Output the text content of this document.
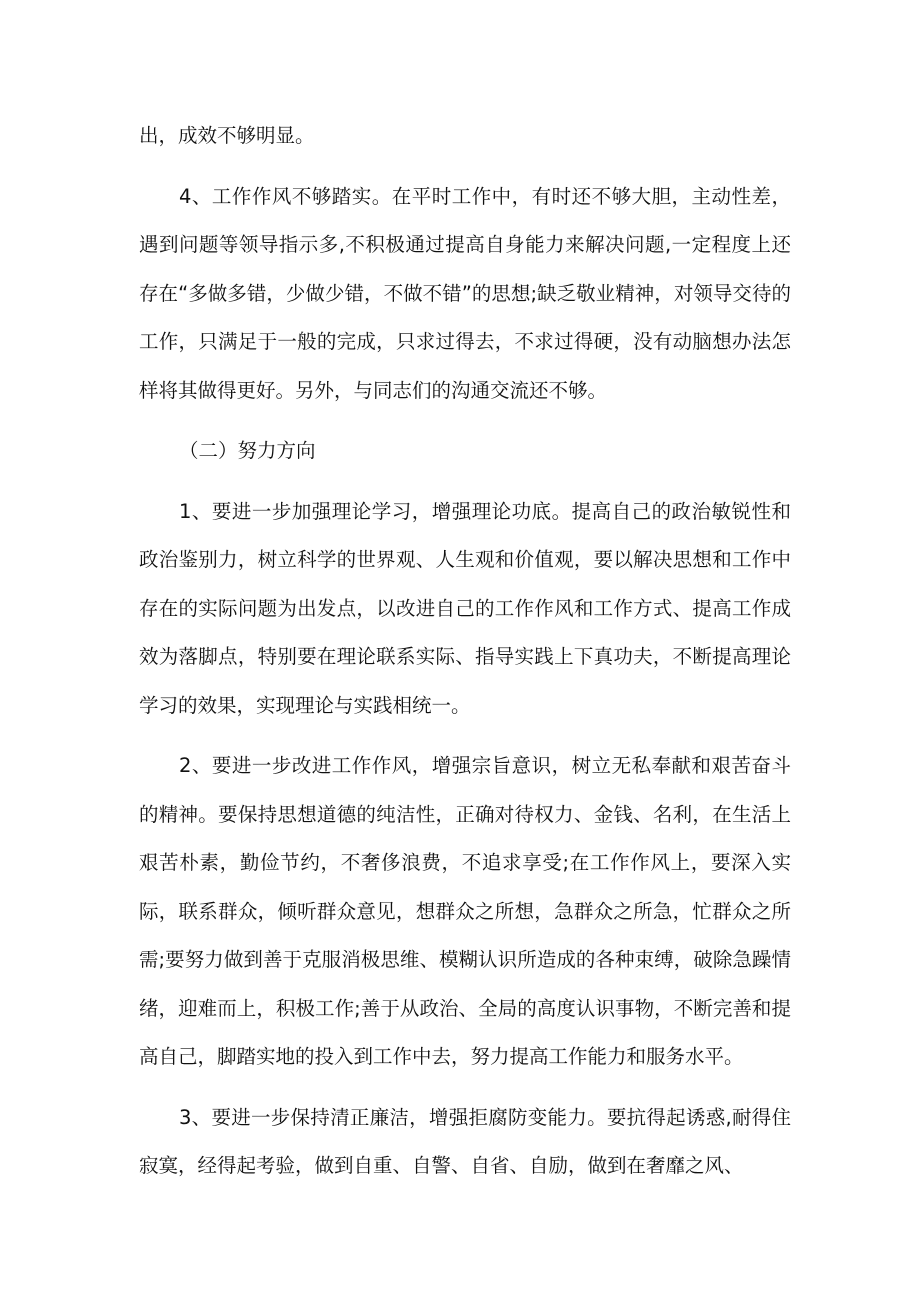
出，成效不够明显。

4、工作作风不够踏实。在平时工作中，有时还不够大胆，主动性差，遇到问题等领导指示多,不积极通过提高自身能力来解决问题,一定程度上还存在“多做多错，少做少错，不做不错”的思想;缺乏敬业精神，对领导交待的工作，只满足于一般的完成，只求过得去，不求过得硬，没有动脑想办法怎样将其做得更好。另外，与同志们的沟通交流还不够。

（二）努力方向

1、要进一步加强理论学习，增强理论功底。提高自己的政治敏锐性和政治鉴别力，树立科学的世界观、人生观和价值观，要以解决思想和工作中存在的实际问题为出发点，以改进自己的工作作风和工作方式、提高工作成效为落脚点，特别要在理论联系实际、指导实践上下真功夫，不断提高理论学习的效果，实现理论与实践相统一。

2、要进一步改进工作作风，增强宗旨意识，树立无私奉献和艰苦奋斗的精神。要保持思想道德的纯洁性，正确对待权力、金钱、名利，在生活上艰苦朴素，勤俭节约，不奢侈浪费，不追求享受;在工作作风上，要深入实际，联系群众，倾听群众意见，想群众之所想，急群众之所急，忙群众之所需;要努力做到善于克服消极思维、模糊认识所造成的各种束缚，破除急躁情绪，迎难而上，积极工作;善于从政治、全局的高度认识事物，不断完善和提高自己，脚踏实地的投入到工作中去，努力提高工作能力和服务水平。

3、要进一步保持清正廉洁，增强拒腐防变能力。要抗得起诱惑,耐得住寂寞，经得起考验，做到自重、自警、自省、自励，做到在奢靡之风、
